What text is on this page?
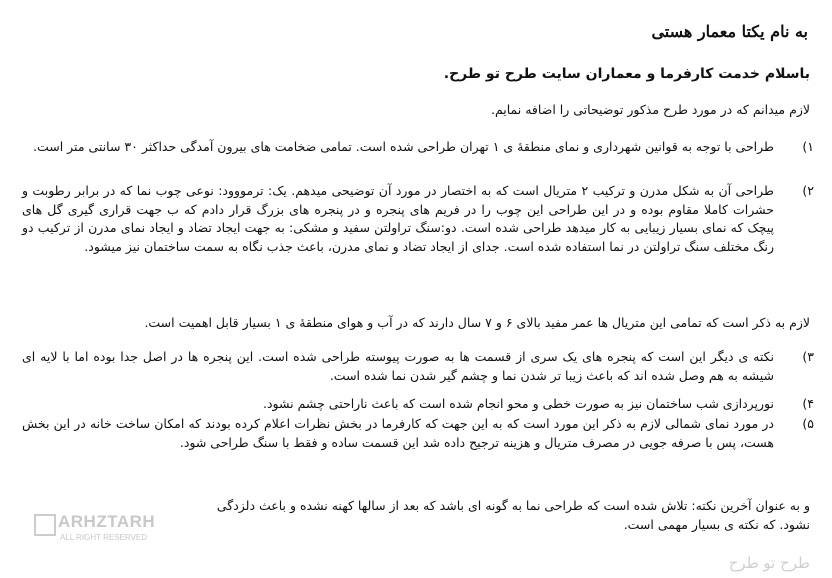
به نام یکتا معمار هستی

باسلام خدمت کارفرما و معماران سایت طرح تو طرح.

لازم میدانم که در مورد طرح مذکور توضیحاتی را اضافه نمایم.

۱)
طراحی با توجه به قوانین شهرداری و نمای منطقهٔ ی ۱ تهران طراحی شده است. تمامی ضخامت های بیرون آمدگی حداکثر ۳۰ سانتی متر است.
۲)
طراحی آن به شکل مدرن و ترکیب ۲ متریال است که به اختصار در مورد آن توضیحی میدهم. یک: ترمووود: نوعی چوب نما که در برابر رطوبت و حشرات کاملا مقاوم بوده و در این طراحی این چوب را در فریم های پنجره و در پنجره های بزرگ قرار دادم که ب جهت قراری گیری گل های پیچک که نمای بسیار زیبایی به کار میدهد طراحی شده است. دو:سنگ تراولتن سفید و مشکی: به جهت ایجاد تضاد و ایجاد نمای مدرن از ترکیب دو رنگ مختلف سنگ تراولتن در نما استفاده شده است. جدای از ایجاد تضاد و نمای مدرن، باعث جذب نگاه به سمت ساختمان نیز میشود.

لازم به ذکر است که تمامی این متریال ها عمر مفید بالای ۶ و ۷ سال دارند که در آب و هوای منطقهٔ ی ۱ بسیار قابل اهمیت است.

۳)
نکته ی دیگر این است که پنجره های یک سری از قسمت ها به صورت پیوسته طراحی شده است. این پنجره ها در اصل جدا بوده اما با لایه ای شیشه به هم وصل شده اند که باعث زیبا تر شدن نما و چشم گیر شدن نما شده است.
۴)
نورپردازی شب ساختمان نیز به صورت خطی و محو انجام شده است که باعث ناراحتی چشم نشود.
۵)
در مورد نمای شمالی لازم به ذکر این مورد است که به این جهت که کارفرما در بخش نظرات اعلام کرده بودند که امکان ساخت خانه در این بخش هست، پس با صرفه جویی در مصرف متریال و هزینه ترجیح داده شد این قسمت ساده و فقط با سنگ طراحی شود.

و به عنوان آخرین نکته: تلاش شده است که طراحی نما به گونه ای باشد که بعد از سالها کهنه نشده و باعث دلزدگی نشود. که نکته ی بسیار مهمی است.

ARHZTARH
ALL RIGHT RESERVED
طرح تو طرح
